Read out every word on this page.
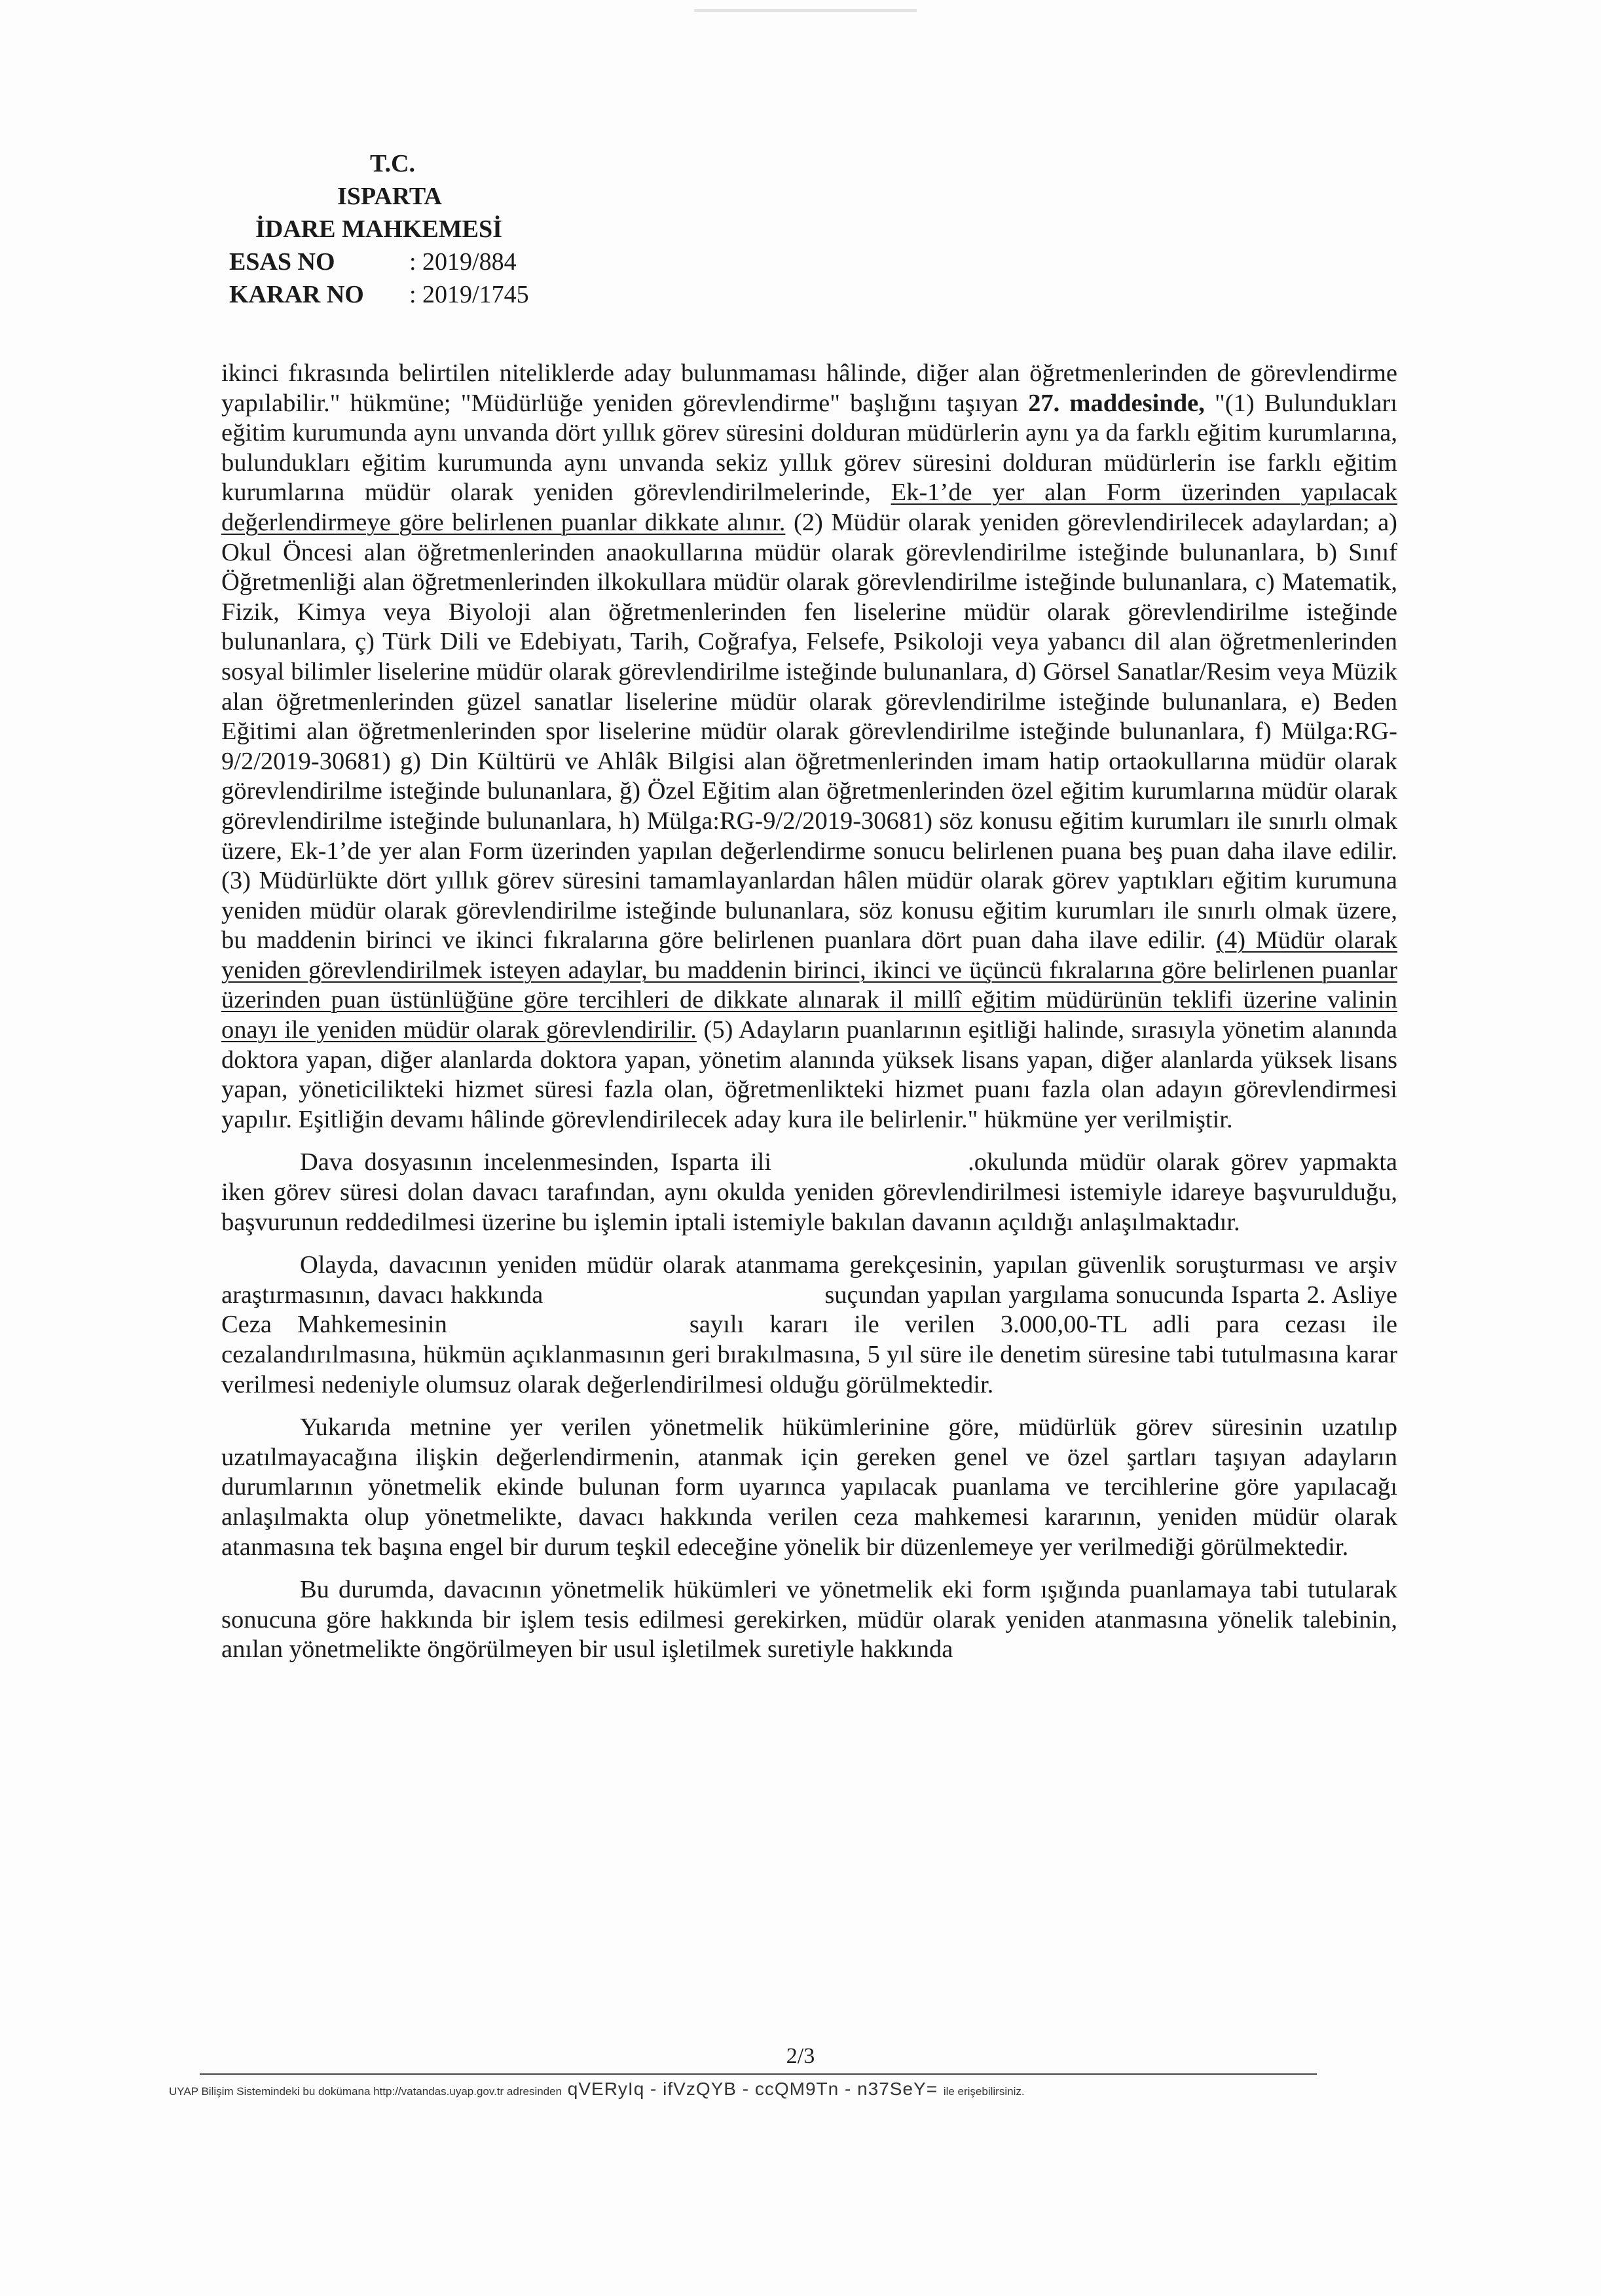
T.C.
ISPARTA
İDARE MAHKEMESİ
ESAS NO	: 2019/884
KARAR NO	: 2019/1745

ikinci fıkrasında belirtilen niteliklerde aday bulunmaması hâlinde, diğer alan öğretmenlerinden de görevlendirme yapılabilir." hükmüne; "Müdürlüğe yeniden görevlendirme" başlığını taşıyan 27. maddesinde, "(1) Bulundukları eğitim kurumunda aynı unvanda dört yıllık görev süresini dolduran müdürlerin aynı ya da farklı eğitim kurumlarına, bulundukları eğitim kurumunda aynı unvanda sekiz yıllık görev süresini dolduran müdürlerin ise farklı eğitim kurumlarına müdür olarak yeniden görevlendirilmelerinde, Ek-1’de yer alan Form üzerinden yapılacak değerlendirmeye göre belirlenen puanlar dikkate alınır. (2) Müdür olarak yeniden görevlendirilecek adaylardan; a) Okul Öncesi alan öğretmenlerinden anaokullarına müdür olarak görevlendirilme isteğinde bulunanlara, b) Sınıf Öğretmenliği alan öğretmenlerinden ilkokullara müdür olarak görevlendirilme isteğinde bulunanlara, c) Matematik, Fizik, Kimya veya Biyoloji alan öğretmenlerinden fen liselerine müdür olarak görevlendirilme isteğinde bulunanlara, ç) Türk Dili ve Edebiyatı, Tarih, Coğrafya, Felsefe, Psikoloji veya yabancı dil alan öğretmenlerinden sosyal bilimler liselerine müdür olarak görevlendirilme isteğinde bulunanlara, d) Görsel Sanatlar/Resim veya Müzik alan öğretmenlerinden güzel sanatlar liselerine müdür olarak görevlendirilme isteğinde bulunanlara, e) Beden Eğitimi alan öğretmenlerinden spor liselerine müdür olarak görevlendirilme isteğinde bulunanlara, f) Mülga:RG-9/2/2019-30681) g) Din Kültürü ve Ahlâk Bilgisi alan öğretmenlerinden imam hatip ortaokullarına müdür olarak görevlendirilme isteğinde bulunanlara, ğ) Özel Eğitim alan öğretmenlerinden özel eğitim kurumlarına müdür olarak görevlendirilme isteğinde bulunanlara, h) Mülga:RG-9/2/2019-30681) söz konusu eğitim kurumları ile sınırlı olmak üzere, Ek-1’de yer alan Form üzerinden yapılan değerlendirme sonucu belirlenen puana beş puan daha ilave edilir. (3) Müdürlükte dört yıllık görev süresini tamamlayanlardan hâlen müdür olarak görev yaptıkları eğitim kurumuna yeniden müdür olarak görevlendirilme isteğinde bulunanlara, söz konusu eğitim kurumları ile sınırlı olmak üzere, bu maddenin birinci ve ikinci fıkralarına göre belirlenen puanlara dört puan daha ilave edilir. (4) Müdür olarak yeniden görevlendirilmek isteyen adaylar, bu maddenin birinci, ikinci ve üçüncü fıkralarına göre belirlenen puanlar üzerinden puan üstünlüğüne göre tercihleri de dikkate alınarak il millî eğitim müdürünün teklifi üzerine valinin onayı ile yeniden müdür olarak görevlendirilir. (5) Adayların puanlarının eşitliği halinde, sırasıyla yönetim alanında doktora yapan, diğer alanlarda doktora yapan, yönetim alanında yüksek lisans yapan, diğer alanlarda yüksek lisans yapan, yöneticilikteki hizmet süresi fazla olan, öğretmenlikteki hizmet puanı fazla olan adayın görevlendirmesi yapılır. Eşitliğin devamı hâlinde görevlendirilecek aday kura ile belirlenir." hükmüne yer verilmiştir.

Dava dosyasının incelenmesinden, Isparta ili	.okulunda müdür olarak görev yapmakta iken görev süresi dolan davacı tarafından, aynı okulda yeniden görevlendirilmesi istemiyle idareye başvurulduğu, başvurunun reddedilmesi üzerine bu işlemin iptali istemiyle bakılan davanın açıldığı anlaşılmaktadır.

Olayda, davacının yeniden müdür olarak atanmama gerekçesinin, yapılan güvenlik soruşturması ve arşiv araştırmasının, davacı hakkında	suçundan yapılan yargılama sonucunda Isparta 2. Asliye Ceza Mahkemesinin	sayılı kararı ile verilen 3.000,00-TL adli para cezası ile cezalandırılmasına, hükmün açıklanmasının geri bırakılmasına, 5 yıl süre ile denetim süresine tabi tutulmasına karar verilmesi nedeniyle olumsuz olarak değerlendirilmesi olduğu görülmektedir.

Yukarıda metnine yer verilen yönetmelik hükümlerinine göre, müdürlük görev süresinin uzatılıp uzatılmayacağına ilişkin değerlendirmenin, atanmak için gereken genel ve özel şartları taşıyan adayların durumlarının yönetmelik ekinde bulunan form uyarınca yapılacak puanlama ve tercihlerine göre yapılacağı anlaşılmakta olup yönetmelikte, davacı hakkında verilen ceza mahkemesi kararının, yeniden müdür olarak atanmasına tek başına engel bir durum teşkil edeceğine yönelik bir düzenlemeye yer verilmediği görülmektedir.

Bu durumda, davacının yönetmelik hükümleri ve yönetmelik eki form ışığında puanlamaya tabi tutularak sonucuna göre hakkında bir işlem tesis edilmesi gerekirken, müdür olarak yeniden atanmasına yönelik talebinin, anılan yönetmelikte öngörülmeyen bir usul işletilmek suretiyle hakkında

2/3
UYAP Bilişim Sistemindeki bu dokümana http://vatandas.uyap.gov.tr adresinden qVERyIq - ifVzQYB - ccQM9Tn - n37SeY= ile erişebilirsiniz.
